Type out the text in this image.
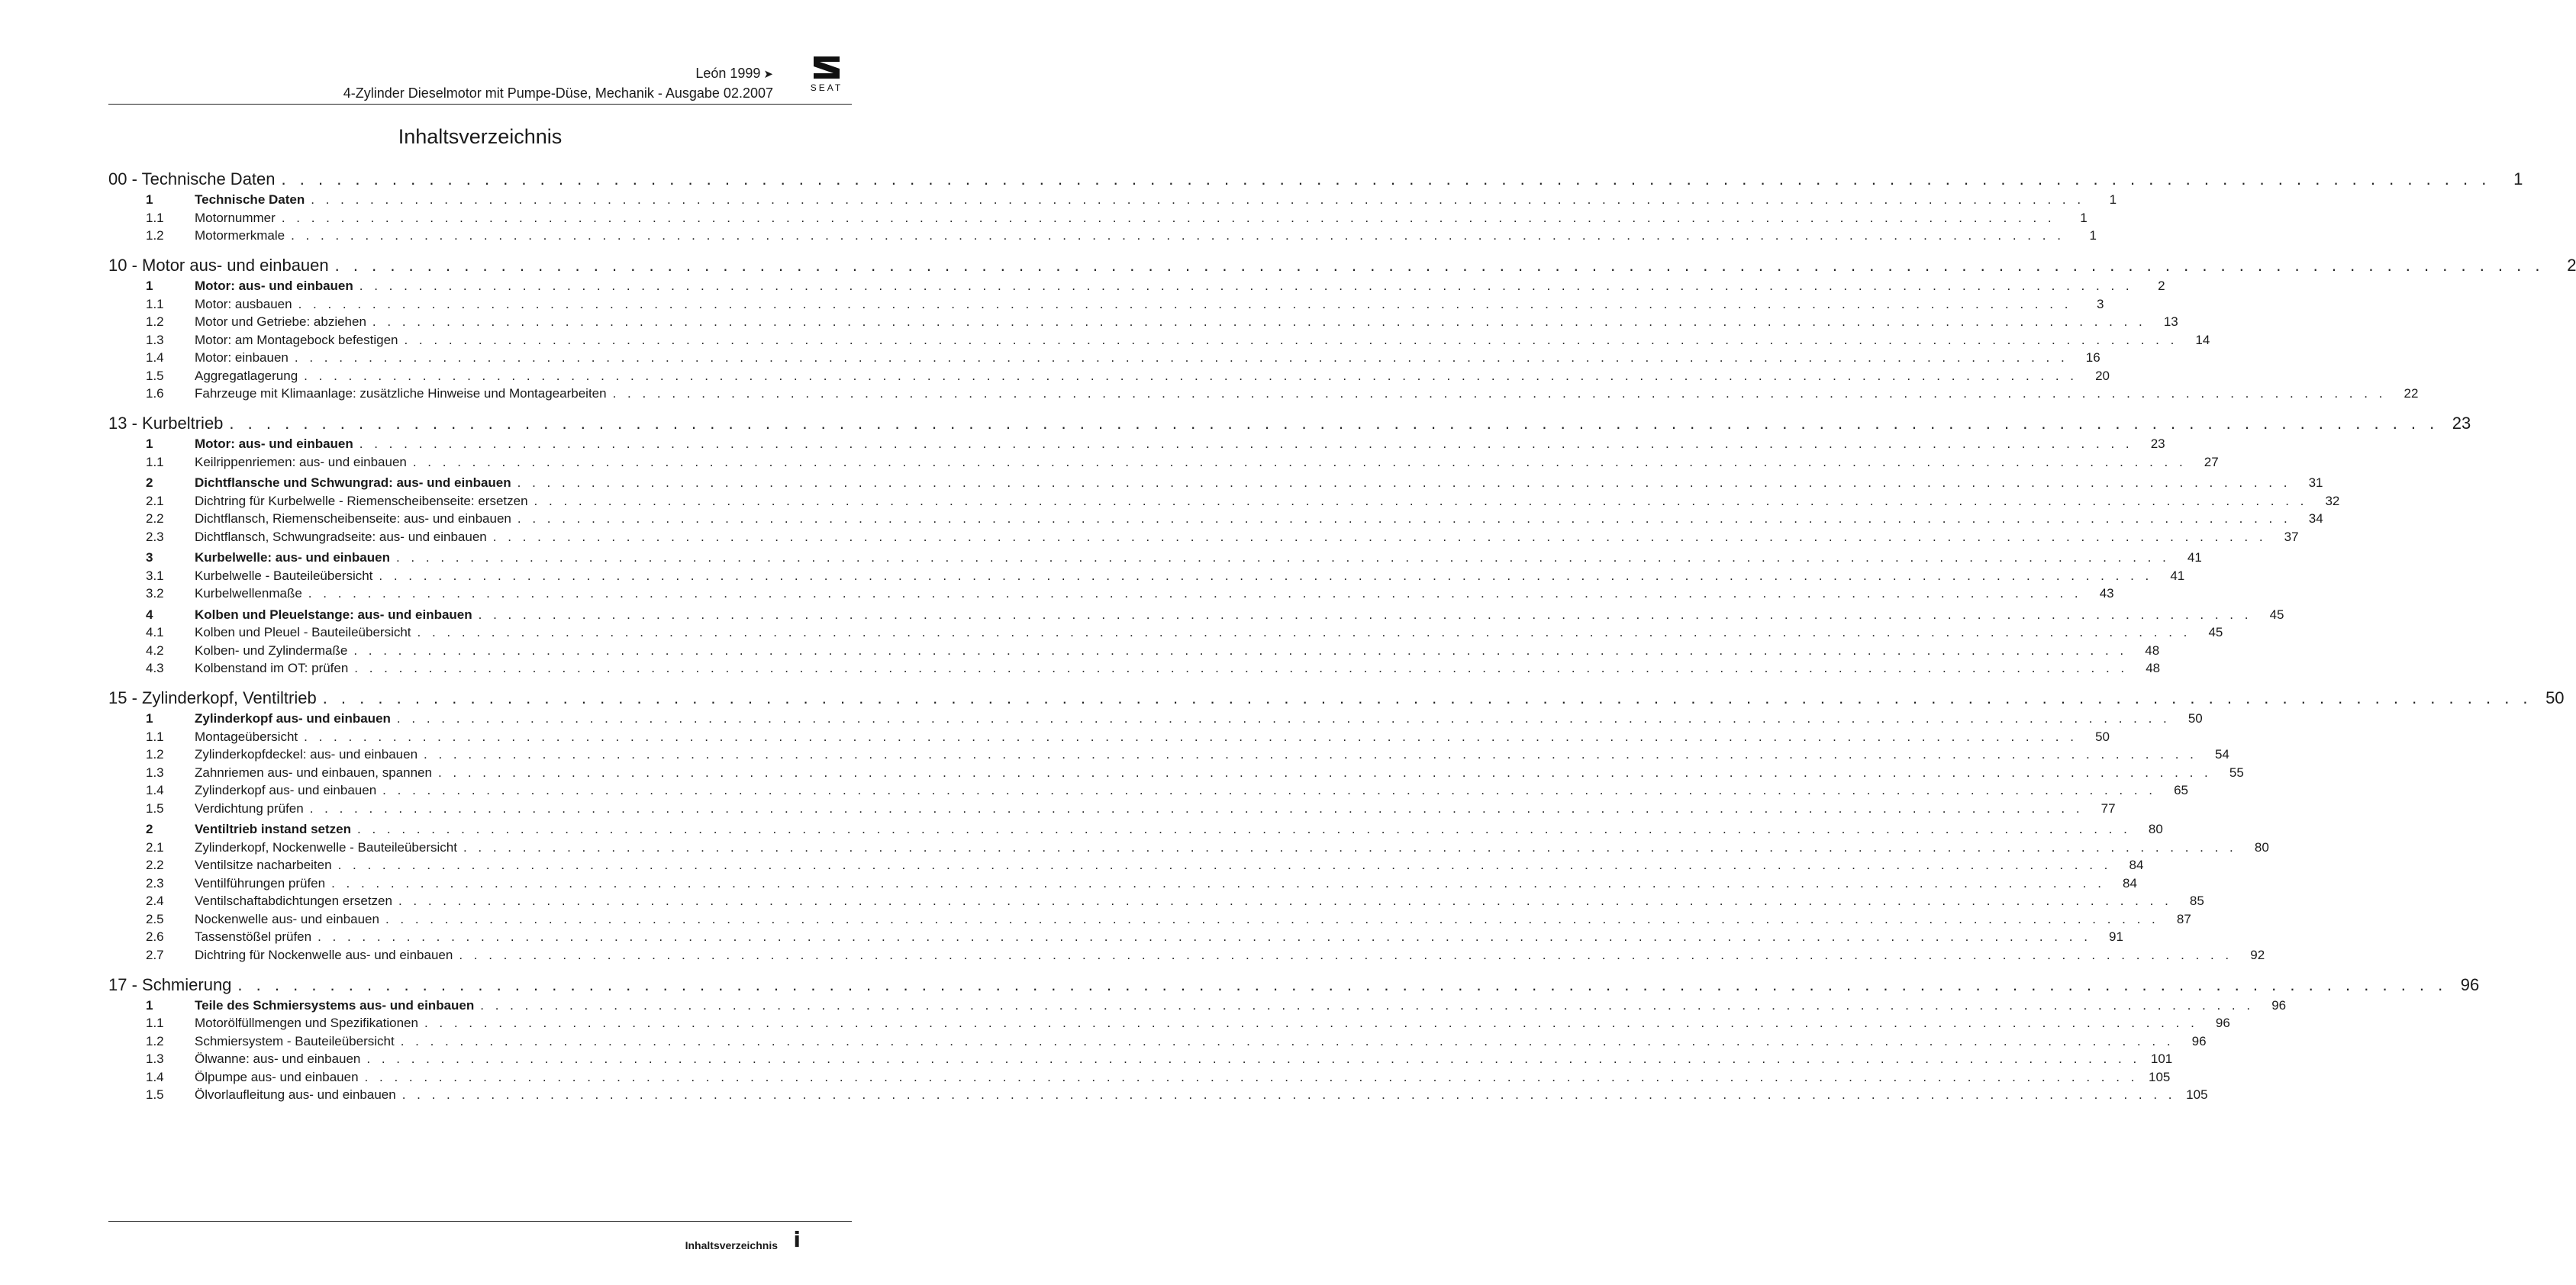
León 1999 ➤
4-Zylinder Dieselmotor mit Pumpe-Düse, Mechanik - Ausgabe 02.2007	SEAT
Inhaltsverzeichnis
00 - Technische Daten . . . . . . . . . . . . . . . . . . . . . . . . . . . . . . . . . . . . . . . . . . . . . . . . . . . . . . . . . . . . . . . . . . . . . . . . . . . . . . . . . . . . . . . . . . . . . . . . . . . . . . . . . . . . . . . . . . . . . . . .	1
1	Technische Daten . . . . . . . . . . . . . . . . . . . . . . . . . . . . . . . . . . . . . . . . . . . . . . . . . . . . . . . . . . . . . . . . . . . . . . . . . . . . . . . . . . . . . . . . . . . . . . . . . . . . . . . . . . . . . . . . . . . . . . . .	1
1.1	Motornummer . . . . . . . . . . . . . . . . . . . . . . . . . . . . . . . . . . . . . . . . . . . . . . . . . . . . . . . . . . . . . . . . . . . . . . . . . . . . . . . . . . . . . . . . . . . . . . . . . . . . . . . . . . . . . . . . . . . . . . . .	1
1.2	Motormerkmale . . . . . . . . . . . . . . . . . . . . . . . . . . . . . . . . . . . . . . . . . . . . . . . . . . . . . . . . . . . . . . . . . . . . . . . . . . . . . . . . . . . . . . . . . . . . . . . . . . . . . . . . . . . . . . . . . . . . . . . .	1
10 - Motor aus- und einbauen . . . . . . . . . . . . . . . . . . . . . . . . . . . . . . . . . . . . . . . . . . . . . . . . . . . . . . . . . . . . . . . . . . . . . . . . . . . . . . . . . . . . . . . . . . . . . . . . . . . . . . . . . . . . . . . . . . . . . . . .	2
1	Motor: aus- und einbauen . . . . . . . . . . . . . . . . . . . . . . . . . . . . . . . . . . . . . . . . . . . . . . . . . . . . . . . . . . . . . . . . . . . . . . . . . . . . . . . . . . . . . . . . . . . . . . . . . . . . . . . . . . . . . . . . . . . . . . . .	2
1.1	Motor: ausbauen . . . . . . . . . . . . . . . . . . . . . . . . . . . . . . . . . . . . . . . . . . . . . . . . . . . . . . . . . . . . . . . . . . . . . . . . . . . . . . . . . . . . . . . . . . . . . . . . . . . . . . . . . . . . . . . . . . . . . . . .	3
1.2	Motor und Getriebe: abziehen . . . . . . . . . . . . . . . . . . . . . . . . . . . . . . . . . . . . . . . . . . . . . . . . . . . . . . . . . . . . . . . . . . . . . . . . . . . . . . . . . . . . . . . . . . . . . . . . . . . . . . . . . . . . . . . . . . . . . . . .	13
1.3	Motor: am Montagebock befestigen . . . . . . . . . . . . . . . . . . . . . . . . . . . . . . . . . . . . . . . . . . . . . . . . . . . . . . . . . . . . . . . . . . . . . . . . . . . . . . . . . . . . . . . . . . . . . . . . . . . . . . . . . . . . . . . . . . . . . . . .	14
1.4	Motor: einbauen . . . . . . . . . . . . . . . . . . . . . . . . . . . . . . . . . . . . . . . . . . . . . . . . . . . . . . . . . . . . . . . . . . . . . . . . . . . . . . . . . . . . . . . . . . . . . . . . . . . . . . . . . . . . . . . . . . . . . . . .	16
1.5	Aggregatlagerung . . . . . . . . . . . . . . . . . . . . . . . . . . . . . . . . . . . . . . . . . . . . . . . . . . . . . . . . . . . . . . . . . . . . . . . . . . . . . . . . . . . . . . . . . . . . . . . . . . . . . . . . . . . . . . . . . . . . . . . .	20
1.6	Fahrzeuge mit Klimaanlage: zusätzliche Hinweise und Montagearbeiten . . . . . . . . . . . . . . . . . . . . . . . . . . . . . . . . . . . . . . . . . . . . . . . . . . . . . . . . . . . . . . . . . . . . . . . . . . . . . . . . . . . . . . . . . . . . . . . . . . . . . . . . . . . . . . . . . . . . . . . .	22
13 - Kurbeltrieb . . . . . . . . . . . . . . . . . . . . . . . . . . . . . . . . . . . . . . . . . . . . . . . . . . . . . . . . . . . . . . . . . . . . . . . . . . . . . . . . . . . . . . . . . . . . . . . . . . . . . . . . . . . . . . . . . . . . . . . . 23
1	Motor: aus- und einbauen . . . . . . . . . . . . . . . . . . . . . . . . . . . . . . . . . . . . . . . . . . . . . . . . . . . . . . . . . . . . . . . . . . . . . . . . . . . . . . . . . . . . . . . . . . . . . . . . . . . . . . . . . . . . . . . . . . . . . . . .	23
1.1	Keilrippenriemen: aus- und einbauen . . . . . . . . . . . . . . . . . . . . . . . . . . . . . . . . . . . . . . . . . . . . . . . . . . . . . . . . . . . . . . . . . . . . . . . . . . . . . . . . . . . . . . . . . . . . . . . . . . . . . . . . . . . . . . . . . . . . . . . .	27
2	Dichtflansche und Schwungrad: aus- und einbauen . . . . . . . . . . . . . . . . . . . . . . . . . . . . . . . . . . . . . . . . . . . . . . . . . . . . . . . . . . . . . . . . . . . . . . . . . . . . . . . . . . . . . . . . . . . . . . . . . . . . . . . . . . . . . . . . . . . . . . . .	31
2.1	Dichtring für Kurbelwelle - Riemenscheibenseite: ersetzen . . . . . . . . . . . . . . . . . . . . . . . . . . . . . . . . . . . . . . . . . . . . . . . . . . . . . . . . . . . . . . . . . . . . . . . . . . . . . . . . . . . . . . . . . . . . . . . . . . . . . . . . . . . . . . . . . . . . . . . .	32
2.2	Dichtflansch, Riemenscheibenseite: aus- und einbauen . . . . . . . . . . . . . . . . . . . . . . . . . . . . . . . . . . . . . . . . . . . . . . . . . . . . . . . . . . . . . . . . . . . . . . . . . . . . . . . . . . . . . . . . . . . . . . . . . . . . . . . . . . . . . . . . . . . . . . . .	34
2.3	Dichtflansch, Schwungradseite: aus- und einbauen . . . . . . . . . . . . . . . . . . . . . . . . . . . . . . . . . . . . . . . . . . . . . . . . . . . . . . . . . . . . . . . . . . . . . . . . . . . . . . . . . . . . . . . . . . . . . . . . . . . . . . . . . . . . . . . . . . . . . . . .	37
3	Kurbelwelle: aus- und einbauen . . . . . . . . . . . . . . . . . . . . . . . . . . . . . . . . . . . . . . . . . . . . . . . . . . . . . . . . . . . . . . . . . . . . . . . . . . . . . . . . . . . . . . . . . . . . . . . . . . . . . . . . . . . . . . . . . . . . . . . .	41
3.1	Kurbelwelle - Bauteileübersicht . . . . . . . . . . . . . . . . . . . . . . . . . . . . . . . . . . . . . . . . . . . . . . . . . . . . . . . . . . . . . . . . . . . . . . . . . . . . . . . . . . . . . . . . . . . . . . . . . . . . . . . . . . . . . . . . . . . . . . . .	41
3.2	Kurbelwellenmaße . . . . . . . . . . . . . . . . . . . . . . . . . . . . . . . . . . . . . . . . . . . . . . . . . . . . . . . . . . . . . . . . . . . . . . . . . . . . . . . . . . . . . . . . . . . . . . . . . . . . . . . . . . . . . . . . . . . . . . . .	43
4	Kolben und Pleuelstange: aus- und einbauen . . . . . . . . . . . . . . . . . . . . . . . . . . . . . . . . . . . . . . . . . . . . . . . . . . . . . . . . . . . . . . . . . . . . . . . . . . . . . . . . . . . . . . . . . . . . . . . . . . . . . . . . . . . . . . . . . . . . . . . .	45
4.1	Kolben und Pleuel - Bauteileübersicht . . . . . . . . . . . . . . . . . . . . . . . . . . . . . . . . . . . . . . . . . . . . . . . . . . . . . . . . . . . . . . . . . . . . . . . . . . . . . . . . . . . . . . . . . . . . . . . . . . . . . . . . . . . . . . . . . . . . . . . .	45
4.2	Kolben- und Zylindermaße . . . . . . . . . . . . . . . . . . . . . . . . . . . . . . . . . . . . . . . . . . . . . . . . . . . . . . . . . . . . . . . . . . . . . . . . . . . . . . . . . . . . . . . . . . . . . . . . . . . . . . . . . . . . . . . . . . . . . . . .	48
4.3	Kolbenstand im OT: prüfen . . . . . . . . . . . . . . . . . . . . . . . . . . . . . . . . . . . . . . . . . . . . . . . . . . . . . . . . . . . . . . . . . . . . . . . . . . . . . . . . . . . . . . . . . . . . . . . . . . . . . . . . . . . . . . . . . . . . . . . .	48
15 - Zylinderkopf, Ventiltrieb . . . . . . . . . . . . . . . . . . . . . . . . . . . . . . . . . . . . . . . . . . . . . . . . . . . . . . . . . . . . . . . . . . . . . . . . . . . . . . . . . . . . . . . . . . . . . . . . . . . . . . . . . . . . . . . . . . . . . . . . 50
1	Zylinderkopf aus- und einbauen . . . . . . . . . . . . . . . . . . . . . . . . . . . . . . . . . . . . . . . . . . . . . . . . . . . . . . . . . . . . . . . . . . . . . . . . . . . . . . . . . . . . . . . . . . . . . . . . . . . . . . . . . . . . . . . . . . . . . . . .	50
1.1	Montageübersicht . . . . . . . . . . . . . . . . . . . . . . . . . . . . . . . . . . . . . . . . . . . . . . . . . . . . . . . . . . . . . . . . . . . . . . . . . . . . . . . . . . . . . . . . . . . . . . . . . . . . . . . . . . . . . . . . . . . . . . . .	50
1.2	Zylinderkopfdeckel: aus- und einbauen . . . . . . . . . . . . . . . . . . . . . . . . . . . . . . . . . . . . . . . . . . . . . . . . . . . . . . . . . . . . . . . . . . . . . . . . . . . . . . . . . . . . . . . . . . . . . . . . . . . . . . . . . . . . . . . . . . . . . . . .	54
1.3	Zahnriemen aus- und einbauen, spannen . . . . . . . . . . . . . . . . . . . . . . . . . . . . . . . . . . . . . . . . . . . . . . . . . . . . . . . . . . . . . . . . . . . . . . . . . . . . . . . . . . . . . . . . . . . . . . . . . . . . . . . . . . . . . . . . . . . . . . . .	55
1.4	Zylinderkopf aus- und einbauen . . . . . . . . . . . . . . . . . . . . . . . . . . . . . . . . . . . . . . . . . . . . . . . . . . . . . . . . . . . . . . . . . . . . . . . . . . . . . . . . . . . . . . . . . . . . . . . . . . . . . . . . . . . . . . . . . . . . . . . .	65
1.5	Verdichtung prüfen . . . . . . . . . . . . . . . . . . . . . . . . . . . . . . . . . . . . . . . . . . . . . . . . . . . . . . . . . . . . . . . . . . . . . . . . . . . . . . . . . . . . . . . . . . . . . . . . . . . . . . . . . . . . . . . . . . . . . . . .	77
2	Ventiltrieb instand setzen . . . . . . . . . . . . . . . . . . . . . . . . . . . . . . . . . . . . . . . . . . . . . . . . . . . . . . . . . . . . . . . . . . . . . . . . . . . . . . . . . . . . . . . . . . . . . . . . . . . . . . . . . . . . . . . . . . . . . . . .	80
2.1	Zylinderkopf, Nockenwelle - Bauteileübersicht . . . . . . . . . . . . . . . . . . . . . . . . . . . . . . . . . . . . . . . . . . . . . . . . . . . . . . . . . . . . . . . . . . . . . . . . . . . . . . . . . . . . . . . . . . . . . . . . . . . . . . . . . . . . . . . . . . . . . . . .	80
2.2	Ventilsitze nacharbeiten . . . . . . . . . . . . . . . . . . . . . . . . . . . . . . . . . . . . . . . . . . . . . . . . . . . . . . . . . . . . . . . . . . . . . . . . . . . . . . . . . . . . . . . . . . . . . . . . . . . . . . . . . . . . . . . . . . . . . . . .	84
2.3	Ventilführungen prüfen . . . . . . . . . . . . . . . . . . . . . . . . . . . . . . . . . . . . . . . . . . . . . . . . . . . . . . . . . . . . . . . . . . . . . . . . . . . . . . . . . . . . . . . . . . . . . . . . . . . . . . . . . . . . . . . . . . . . . . . .	84
2.4	Ventilschaftabdichtungen ersetzen . . . . . . . . . . . . . . . . . . . . . . . . . . . . . . . . . . . . . . . . . . . . . . . . . . . . . . . . . . . . . . . . . . . . . . . . . . . . . . . . . . . . . . . . . . . . . . . . . . . . . . . . . . . . . . . . . . . . . . . .	85
2.5	Nockenwelle aus- und einbauen . . . . . . . . . . . . . . . . . . . . . . . . . . . . . . . . . . . . . . . . . . . . . . . . . . . . . . . . . . . . . . . . . . . . . . . . . . . . . . . . . . . . . . . . . . . . . . . . . . . . . . . . . . . . . . . . . . . . . . . .	87
2.6	Tassenstößel prüfen . . . . . . . . . . . . . . . . . . . . . . . . . . . . . . . . . . . . . . . . . . . . . . . . . . . . . . . . . . . . . . . . . . . . . . . . . . . . . . . . . . . . . . . . . . . . . . . . . . . . . . . . . . . . . . . . . . . . . . . .	91
2.7	Dichtring für Nockenwelle aus- und einbauen . . . . . . . . . . . . . . . . . . . . . . . . . . . . . . . . . . . . . . . . . . . . . . . . . . . . . . . . . . . . . . . . . . . . . . . . . . . . . . . . . . . . . . . . . . . . . . . . . . . . . . . . . . . . . . . . . . . . . . . .	92
17 - Schmierung . . . . . . . . . . . . . . . . . . . . . . . . . . . . . . . . . . . . . . . . . . . . . . . . . . . . . . . . . . . . . . . . . . . . . . . . . . . . . . . . . . . . . . . . . . . . . . . . . . . . . . . . . . . . . . . . . . . . . . . . 96
1	Teile des Schmiersystems aus- und einbauen . . . . . . . . . . . . . . . . . . . . . . . . . . . . . . . . . . . . . . . . . . . . . . . . . . . . . . . . . . . . . . . . . . . . . . . . . . . . . . . . . . . . . . . . . . . . . . . . . . . . . . . . . . . . . . . . . . . . . . . .	96
1.1	Motorölfüllmengen und Spezifikationen . . . . . . . . . . . . . . . . . . . . . . . . . . . . . . . . . . . . . . . . . . . . . . . . . . . . . . . . . . . . . . . . . . . . . . . . . . . . . . . . . . . . . . . . . . . . . . . . . . . . . . . . . . . . . . . . . . . . . . . .	96
1.2	Schmiersystem - Bauteileübersicht . . . . . . . . . . . . . . . . . . . . . . . . . . . . . . . . . . . . . . . . . . . . . . . . . . . . . . . . . . . . . . . . . . . . . . . . . . . . . . . . . . . . . . . . . . . . . . . . . . . . . . . . . . . . . . . . . . . . . . . .	96
1.3	Ölwanne: aus- und einbauen . . . . . . . . . . . . . . . . . . . . . . . . . . . . . . . . . . . . . . . . . . . . . . . . . . . . . . . . . . . . . . . . . . . . . . . . . . . . . . . . . . . . . . . . . . . . . . . . . . . . . . . . . . . . . . . . . . . . . . . . 101
1.4	Ölpumpe aus- und einbauen . . . . . . . . . . . . . . . . . . . . . . . . . . . . . . . . . . . . . . . . . . . . . . . . . . . . . . . . . . . . . . . . . . . . . . . . . . . . . . . . . . . . . . . . . . . . . . . . . . . . . . . . . . . . . . . . . . . . . . . . 105
1.5	Ölvorlaufleitung aus- und einbauen . . . . . . . . . . . . . . . . . . . . . . . . . . . . . . . . . . . . . . . . . . . . . . . . . . . . . . . . . . . . . . . . . . . . . . . . . . . . . . . . . . . . . . . . . . . . . . . . . . . . . . . . . . . . . . . . . . . . . . . . 105
Inhaltsverzeichnis i
